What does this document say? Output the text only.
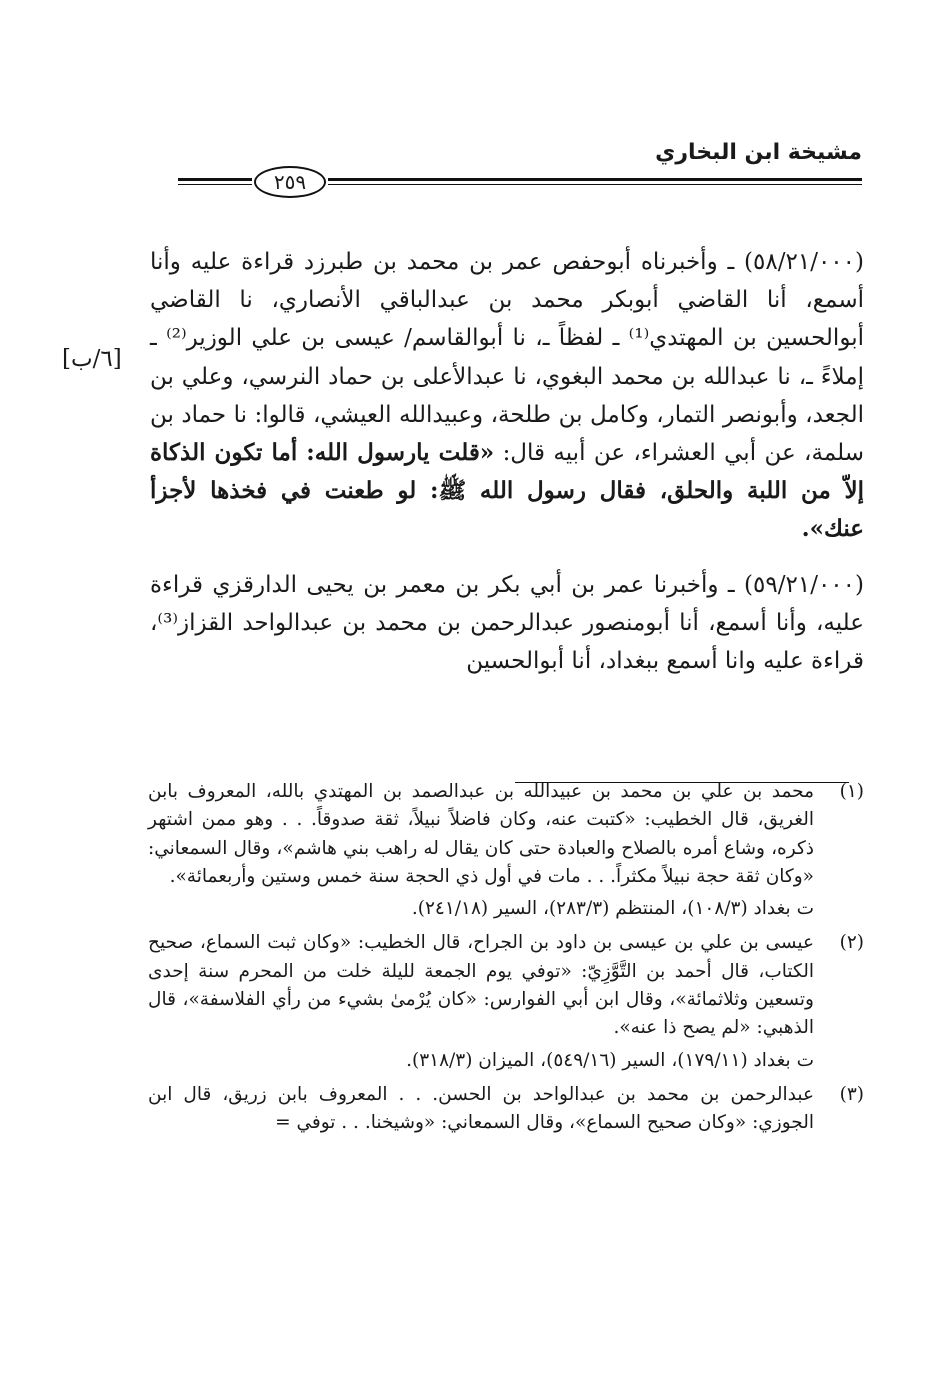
مشيخة ابن البخاري
٢٥٩
[٦/ب]

(٥٨/٢١/٠٠٠) ـ وأخبرناه أبوحفص عمر بن محمد بن طبرزد قراءة عليه وأنا أسمع، أنا القاضي أبوبكر محمد بن عبدالباقي الأنصاري، نا القاضي أبوالحسين بن المهتدي⁽¹⁾ ـ لفظاً ـ، نا أبوالقاسم/ عيسى بن علي الوزير⁽²⁾ ـ إملاءً ـ، نا عبدالله بن محمد البغوي، نا عبدالأعلى بن حماد النرسي، وعلي بن الجعد، وأبونصر التمار، وكامل بن طلحة، وعبيدالله العيشي، قالوا: نا حماد بن سلمة، عن أبي العشراء، عن أبيه قال: «قلت يارسول الله: أما تكون الذكاة إلاّ من اللبة والحلق، فقال رسول الله ﷺ: لو طعنت في فخذها لأجزأ عنك».

(٥٩/٢١/٠٠٠) ـ وأخبرنا عمر بن أبي بكر بن معمر بن يحيى الدارقزي قراءة عليه، وأنا أسمع، أنا أبومنصور عبدالرحمن بن محمد بن عبدالواحد القزاز⁽³⁾، قراءة عليه وانا أسمع ببغداد، أنا أبوالحسين

(١)
محمد بن علي بن محمد بن عبيدالله بن عبدالصمد بن المهتدي بالله، المعروف بابن الغريق، قال الخطيب: «كتبت عنه، وكان فاضلاً نبيلاً، ثقة صدوقاً. . . وهو ممن اشتهر ذكره، وشاع أمره بالصلاح والعبادة حتى كان يقال له راهب بني هاشم»، وقال السمعاني: «وكان ثقة حجة نبيلاً مكثراً. . . مات في أول ذي الحجة سنة خمس وستين وأربعمائة».
ت بغداد (١٠٨/٣)، المنتظم (٢٨٣/٣)، السير (٢٤١/١٨).
(٢)
عيسى بن علي بن عيسى بن داود بن الجراح، قال الخطيب: «وكان ثبت السماع، صحيح الكتاب، قال أحمد بن التَّوَّزِيّ: «توفي يوم الجمعة لليلة خلت من المحرم سنة إحدى وتسعين وثلاثمائة»، وقال ابن أبي الفوارس: «كان يُرْمىٰ بشيء من رأي الفلاسفة»، قال الذهبي: «لم يصح ذا عنه».
ت بغداد (١٧٩/١١)، السير (٥٤٩/١٦)، الميزان (٣١٨/٣).
(٣)
عبدالرحمن بن محمد بن عبدالواحد بن الحسن. . . المعروف بابن زريق، قال ابن الجوزي: «وكان صحيح السماع»، وقال السمعاني: «وشيخنا. . . توفي =
